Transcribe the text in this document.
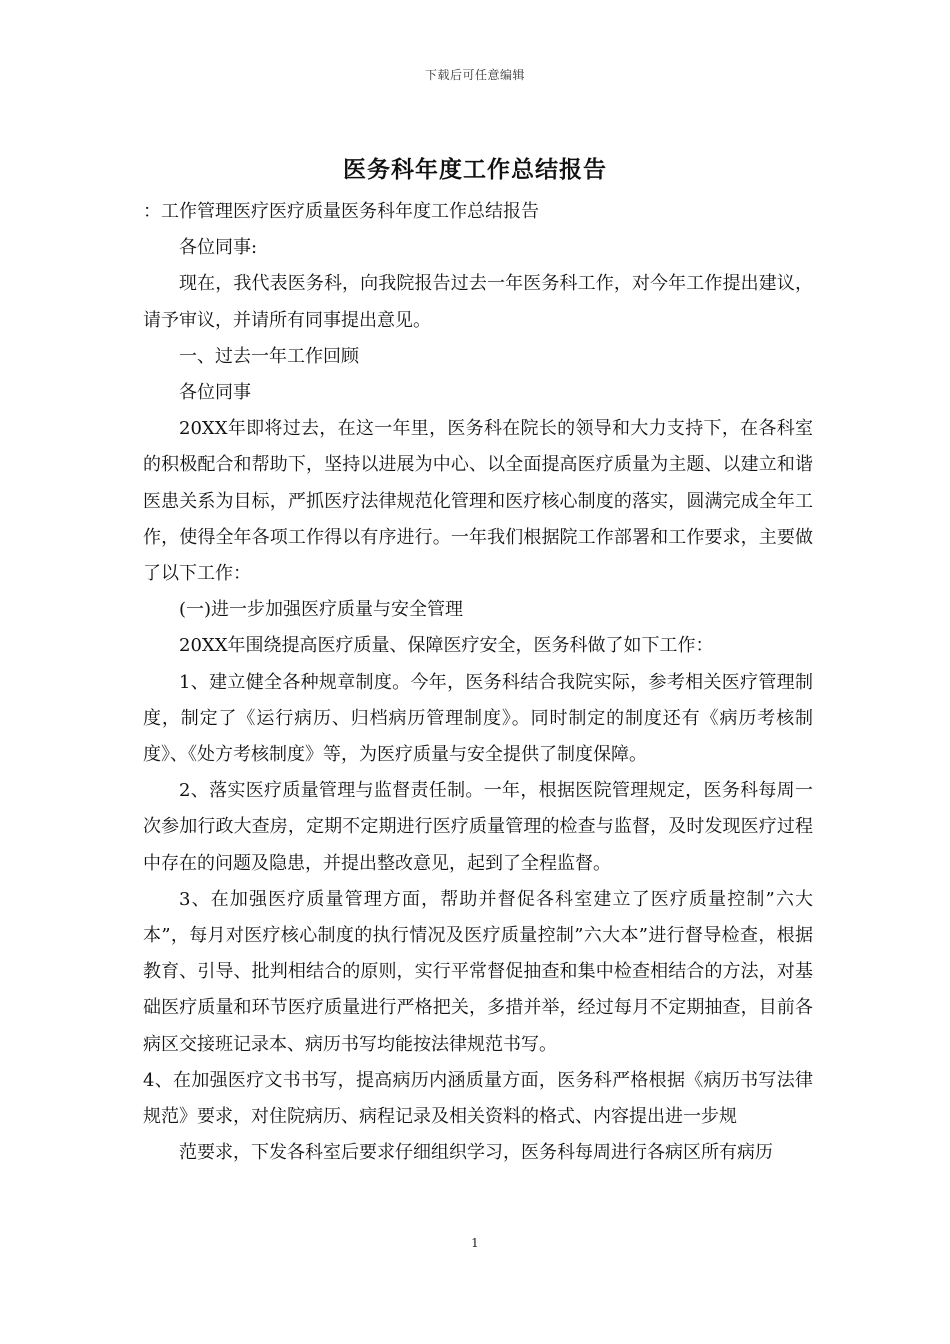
下载后可任意编辑
医务科年度工作总结报告

：工作管理医疗医疗质量医务科年度工作总结报告

各位同事:

现在，我代表医务科，向我院报告过去一年医务科工作，对今年工作提出建议，请予审议，并请所有同事提出意见。

一、过去一年工作回顾

各位同事

20XX年即将过去，在这一年里，医务科在院长的领导和大力支持下，在各科室的积极配合和帮助下，坚持以进展为中心、以全面提高医疗质量为主题、以建立和谐医患关系为目标，严抓医疗法律规范化管理和医疗核心制度的落实，圆满完成全年工作，使得全年各项工作得以有序进行。一年我们根据院工作部署和工作要求，主要做了以下工作：

(一)进一步加强医疗质量与安全管理

20XX年围绕提高医疗质量、保障医疗安全，医务科做了如下工作：

1、建立健全各种规章制度。今年，医务科结合我院实际，参考相关医疗管理制度，制定了《运行病历、归档病历管理制度》。同时制定的制度还有《病历考核制度》、《处方考核制度》等，为医疗质量与安全提供了制度保障。

2、落实医疗质量管理与监督责任制。一年，根据医院管理规定，医务科每周一次参加行政大查房，定期不定期进行医疗质量管理的检查与监督，及时发现医疗过程中存在的问题及隐患，并提出整改意见，起到了全程监督。

3、在加强医疗质量管理方面，帮助并督促各科室建立了医疗质量控制”六大本”，每月对医疗核心制度的执行情况及医疗质量控制”六大本”进行督导检查，根据教育、引导、批判相结合的原则，实行平常督促抽查和集中检查相结合的方法，对基础医疗质量和环节医疗质量进行严格把关，多措并举，经过每月不定期抽查，目前各病区交接班记录本、病历书写均能按法律规范书写。

4、在加强医疗文书书写，提高病历内涵质量方面，医务科严格根据《病历书写法律规范》要求，对住院病历、病程记录及相关资料的格式、内容提出进一步规

范要求，下发各科室后要求仔细组织学习，医务科每周进行各病区所有病历

1
